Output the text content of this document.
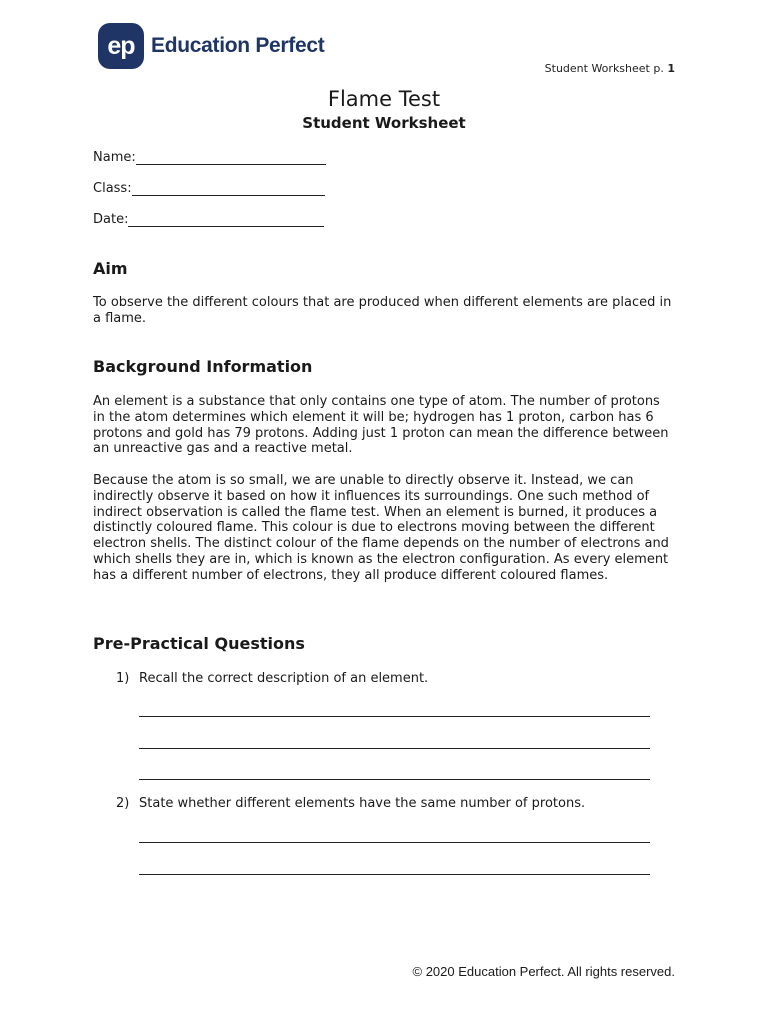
ep Education Perfect
Student Worksheet p. 1
Flame Test
Student Worksheet
Name:
Class:
Date:
Aim

To observe the different colours that are produced when different elements are placed in a flame.

Background Information

An element is a substance that only contains one type of atom. The number of protons in the atom determines which element it will be; hydrogen has 1 proton, carbon has 6 protons and gold has 79 protons. Adding just 1 proton can mean the difference between an unreactive gas and a reactive metal.

Because the atom is so small, we are unable to directly observe it. Instead, we can indirectly observe it based on how it influences its surroundings. One such method of indirect observation is called the flame test. When an element is burned, it produces a distinctly coloured flame. This colour is due to electrons moving between the different electron shells. The distinct colour of the flame depends on the number of electrons and which shells they are in, which is known as the electron configuration. As every element has a different number of electrons, they all produce different coloured flames.

Pre-Practical Questions
1) Recall the correct description of an element.
2) State whether different elements have the same number of protons.
© 2020 Education Perfect. All rights reserved.
